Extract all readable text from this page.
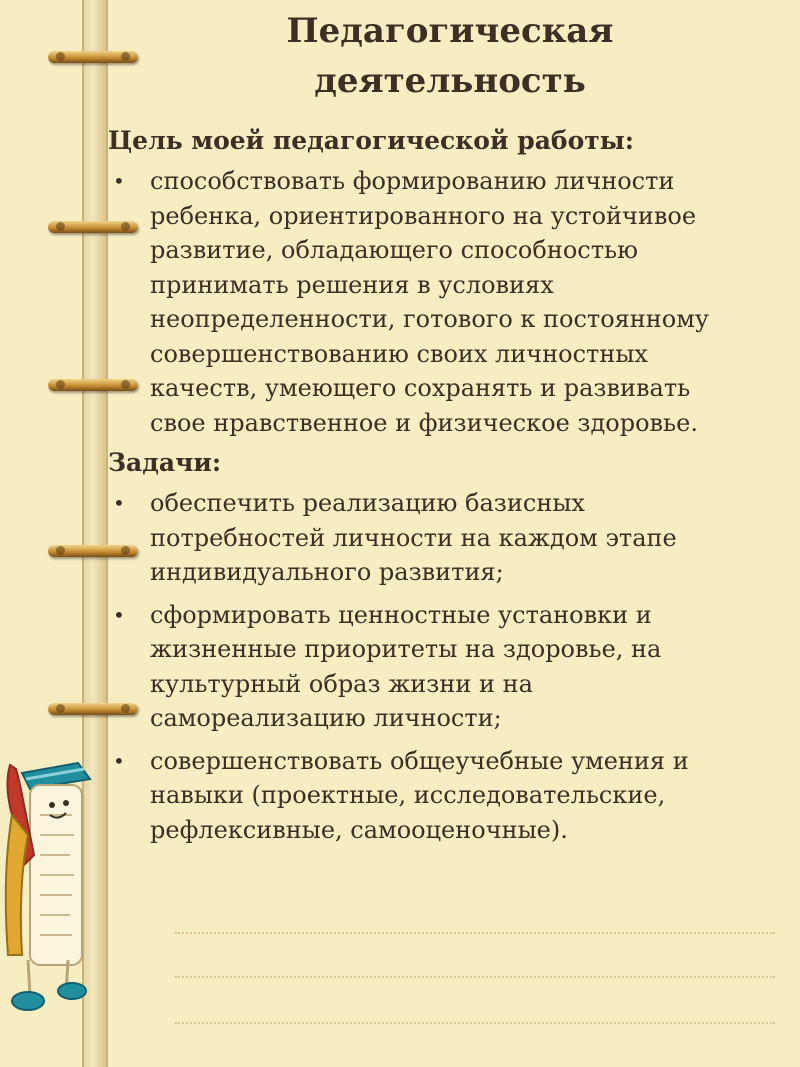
Педагогическая
деятельность
Цель моей педагогической работы:
• способствовать формированию личности
ребенка, ориентированного на устойчивое
развитие, обладающего способностью
принимать решения в условиях
неопределенности, готового к постоянному
совершенствованию своих личностных
качеств, умеющего сохранять и развивать
свое нравственное и физическое здоровье.
Задачи:
• обеспечить реализацию базисных
потребностей личности на каждом этапе
индивидуального развития;
• сформировать ценностные установки и
жизненные приоритеты на здоровье, на
культурный образ жизни и на
самореализацию личности;
• совершенствовать общеучебные умения и
навыки (проектные, исследовательские,
рефлексивные, самооценочные).
